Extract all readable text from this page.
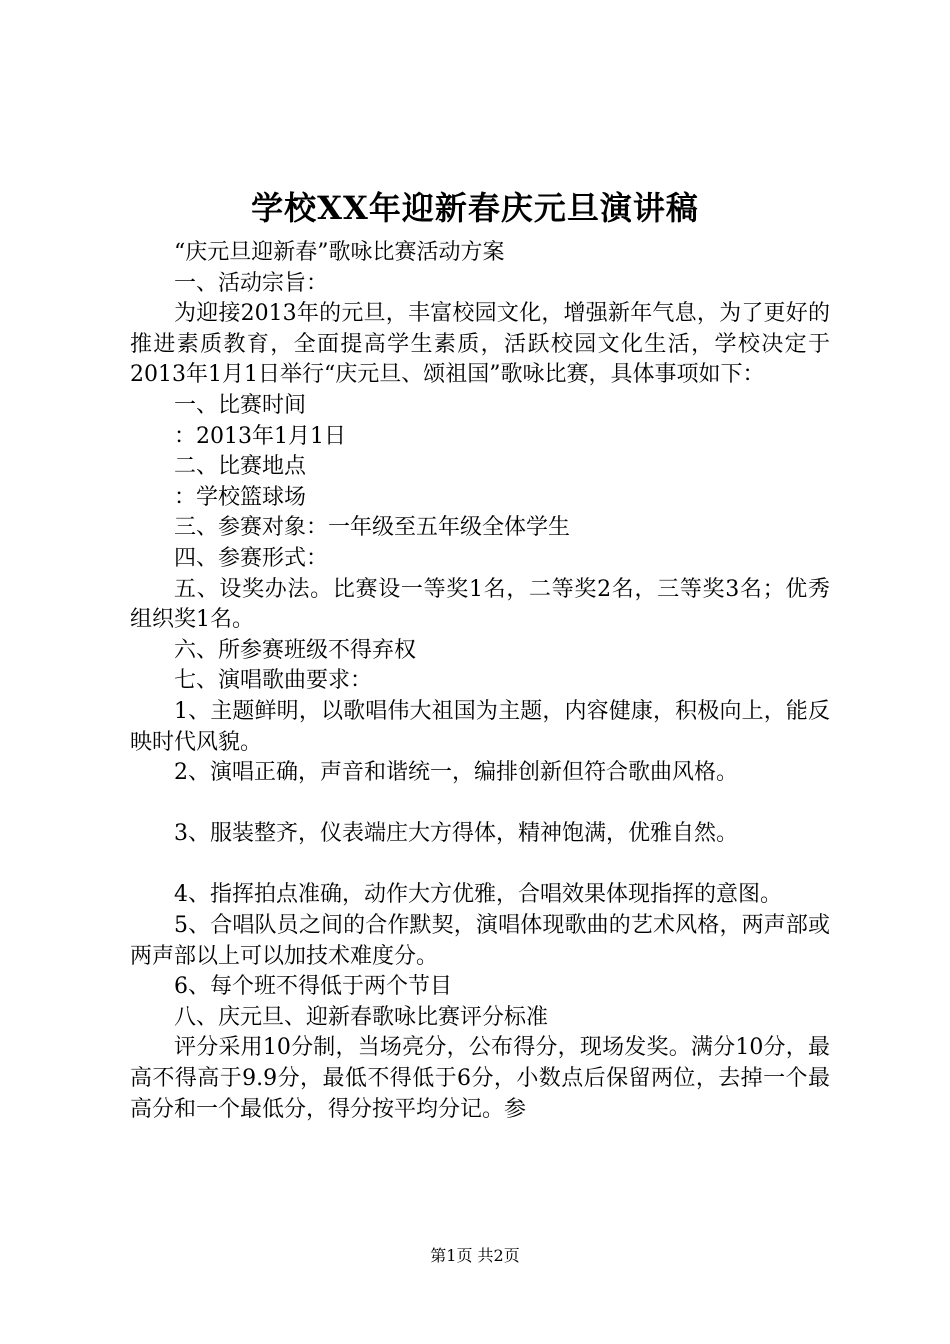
学校XX年迎新春庆元旦演讲稿

“庆元旦迎新春”歌咏比赛活动方案

一、活动宗旨：

为迎接2013年的元旦，丰富校园文化，增强新年气息，为了更好的推进素质教育，全面提高学生素质，活跃校园文化生活，学校决定于2013年1月1日举行“庆元旦、颂祖国”歌咏比赛，具体事项如下：

一、比赛时间

：2013年1月1日

二、比赛地点

：学校篮球场

三、参赛对象：一年级至五年级全体学生

四、参赛形式：

五、设奖办法。比赛设一等奖1名，二等奖2名，三等奖3名；优秀组织奖1名。

六、所参赛班级不得弃权

七、演唱歌曲要求：

1、主题鲜明，以歌唱伟大祖国为主题，内容健康，积极向上，能反映时代风貌。

2、演唱正确，声音和谐统一，编排创新但符合歌曲风格。

3、服装整齐，仪表端庄大方得体，精神饱满，优雅自然。

4、指挥拍点准确，动作大方优雅，合唱效果体现指挥的意图。

5、合唱队员之间的合作默契，演唱体现歌曲的艺术风格，两声部或两声部以上可以加技术难度分。

6、每个班不得低于两个节目

八、庆元旦、迎新春歌咏比赛评分标准

评分采用10分制，当场亮分，公布得分，现场发奖。满分10分，最高不得高于9.9分，最低不得低于6分，小数点后保留两位，去掉一个最高分和一个最低分，得分按平均分记。参

第1页 共2页
